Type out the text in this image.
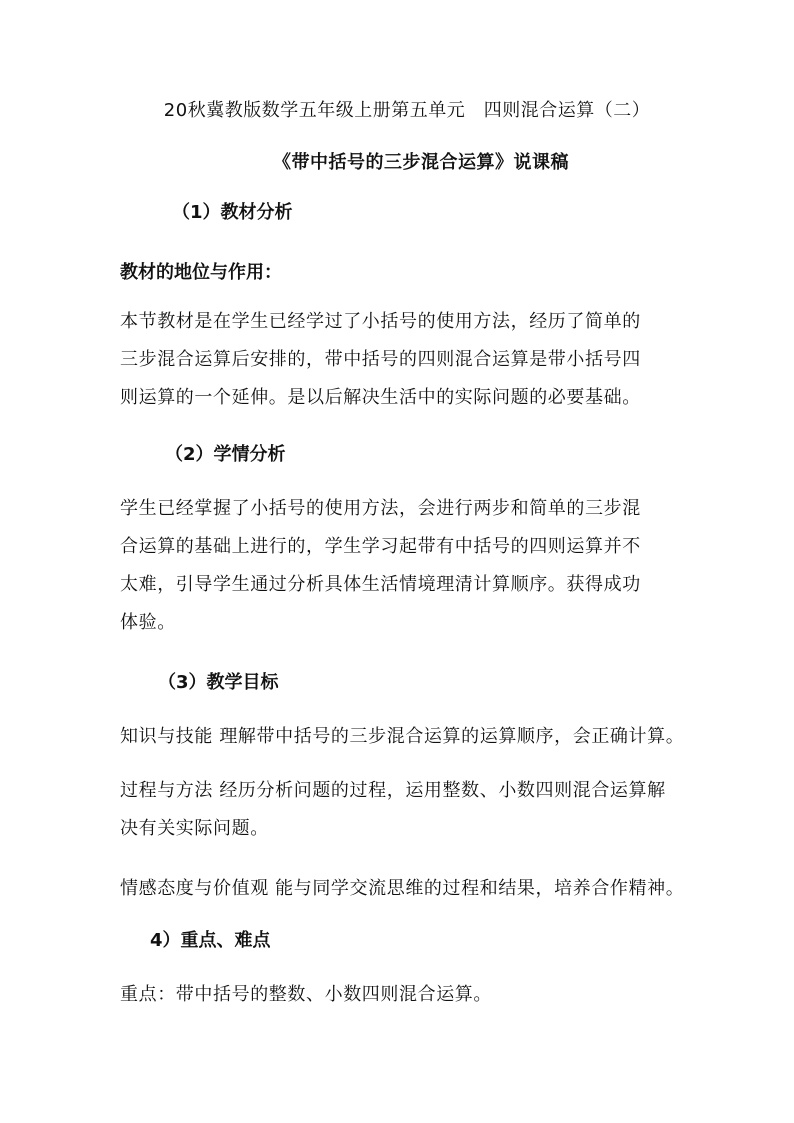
20秋冀教版数学五年级上册第五单元　四则混合运算（二）
《带中括号的三步混合运算》说课稿
（1）教材分析
教材的地位与作用：
本节教材是在学生已经学过了小括号的使用方法，经历了简单的
三步混合运算后安排的，带中括号的四则混合运算是带小括号四
则运算的一个延伸。是以后解决生活中的实际问题的必要基础。
（2）学情分析
学生已经掌握了小括号的使用方法，会进行两步和简单的三步混
合运算的基础上进行的，学生学习起带有中括号的四则运算并不
太难，引导学生通过分析具体生活情境理清计算顺序。获得成功
体验。
（3）教学目标
知识与技能 理解带中括号的三步混合运算的运算顺序，会正确计算。
过程与方法 经历分析问题的过程，运用整数、小数四则混合运算解
决有关实际问题。
情感态度与价值观 能与同学交流思维的过程和结果，培养合作精神。
4）重点、难点
重点：带中括号的整数、小数四则混合运算。
